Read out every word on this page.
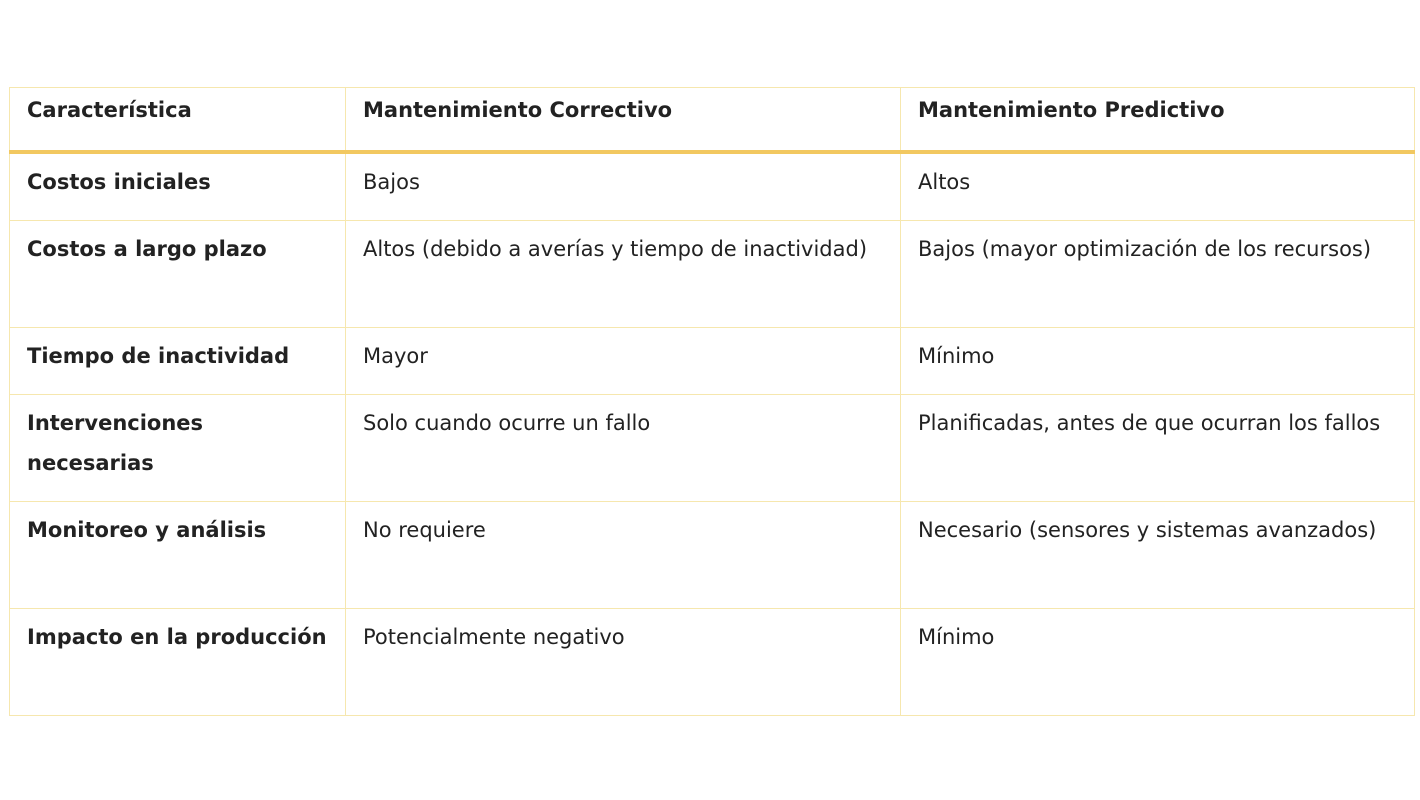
Característica	Mantenimiento Correctivo	Mantenimiento Predictivo
Costos iniciales	Bajos	Altos
Costos a largo plazo	Altos (debido a averías y tiempo de inactividad)	Bajos (mayor optimización de los recursos)
Tiempo de inactividad	Mayor	Mínimo
Intervenciones necesarias	Solo cuando ocurre un fallo	Planificadas, antes de que ocurran los fallos
Monitoreo y análisis	No requiere	Necesario (sensores y sistemas avanzados)
Impacto en la producción	Potencialmente negativo	Mínimo
